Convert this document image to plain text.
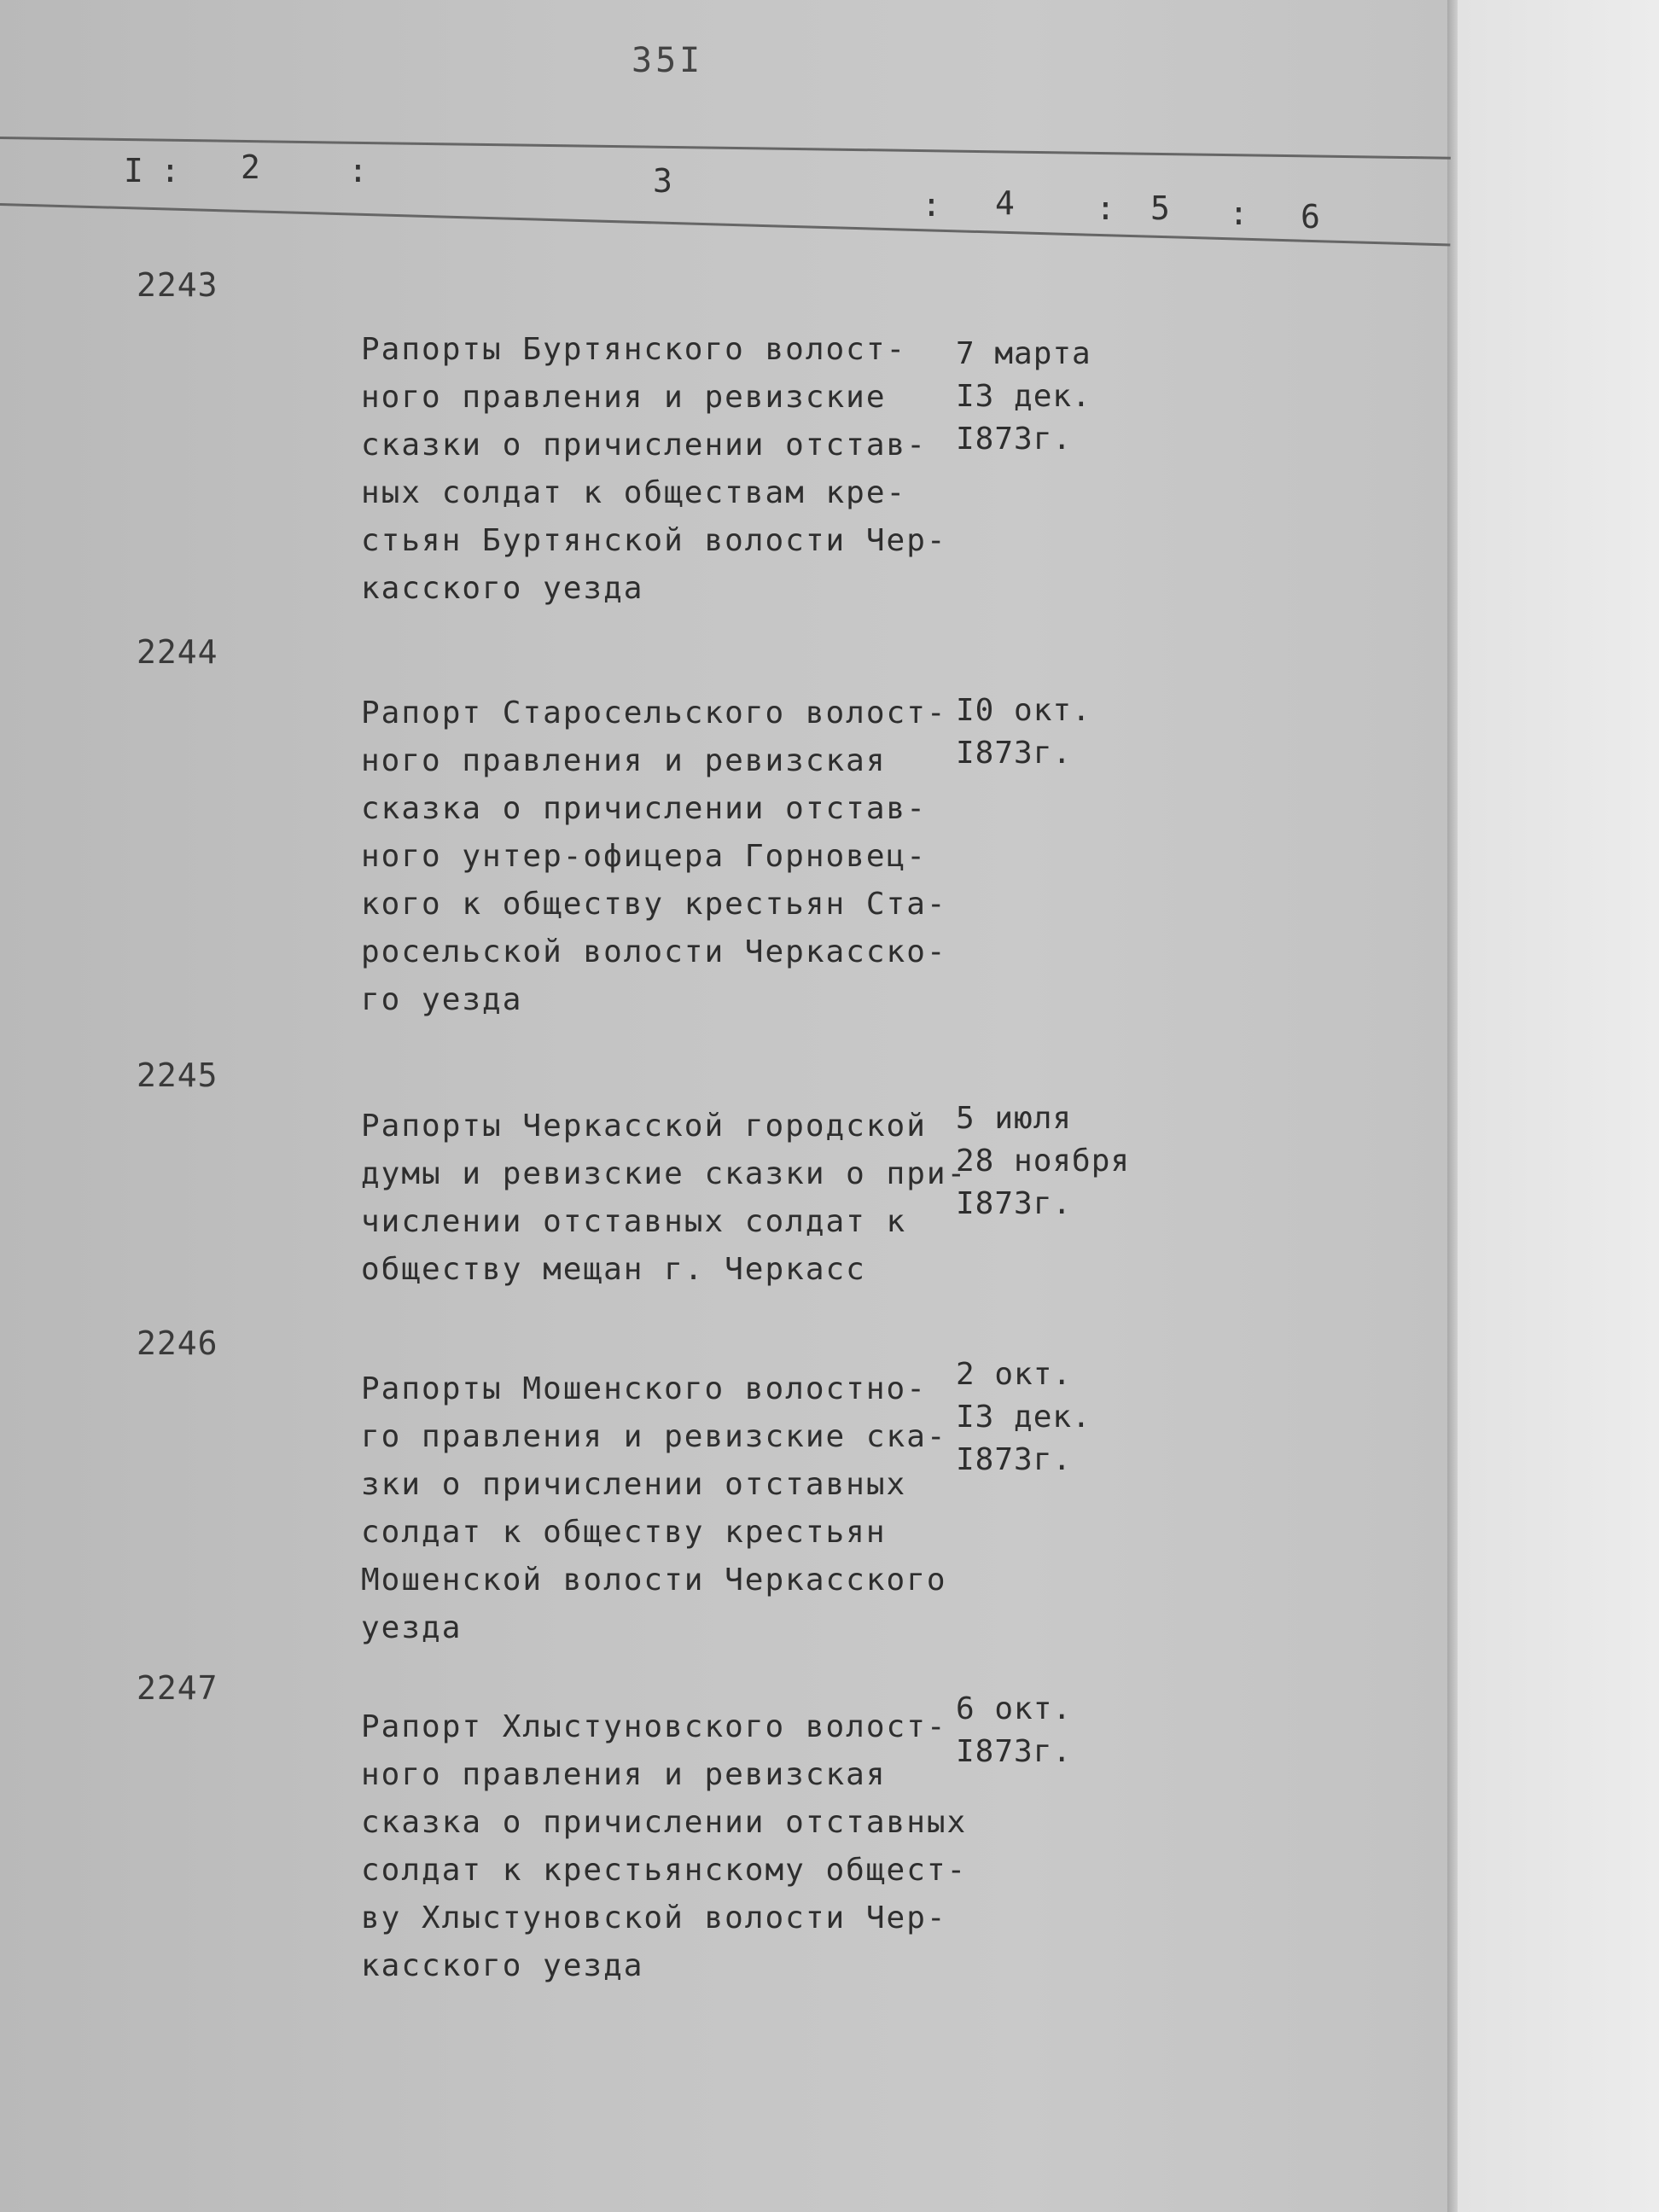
35I
I : 2	:	3
: 4	: 5 : 6
2243

Рапорты Буртянского волост-
ного правления и ревизские
сказки о причислении отстав-
ных солдат к обществам кре-
стьян Буртянской волости Чер-
касского уезда

7 марта
I3 дек.
I873г.
2244

Рапорт Старосельского волост-
ного правления и ревизская
сказка о причислении отстав-
ного унтер-офицера Горновец-
кого к обществу крестьян Ста-
росельской волости Черкасско-
го уезда

I0 окт.
I873г.
2245

Рапорты Черкасской городской
думы и ревизские сказки о при-
числении отставных солдат к
обществу мещан г. Черкасс

5 июля
28 ноября
I873г.
2246

Рапорты Мошенского волостно-
го правления и ревизские ска-
зки о причислении отставных
солдат к обществу крестьян
Мошенской волости Черкасского
уезда

2 окт.
I3 дек.
I873г.
2247

Рапорт Хлыстуновского волост-
ного правления и ревизская
сказка о причислении отставных
солдат к крестьянскому общест-
ву Хлыстуновской волости Чер-
касского уезда

6 окт.
I873г.
